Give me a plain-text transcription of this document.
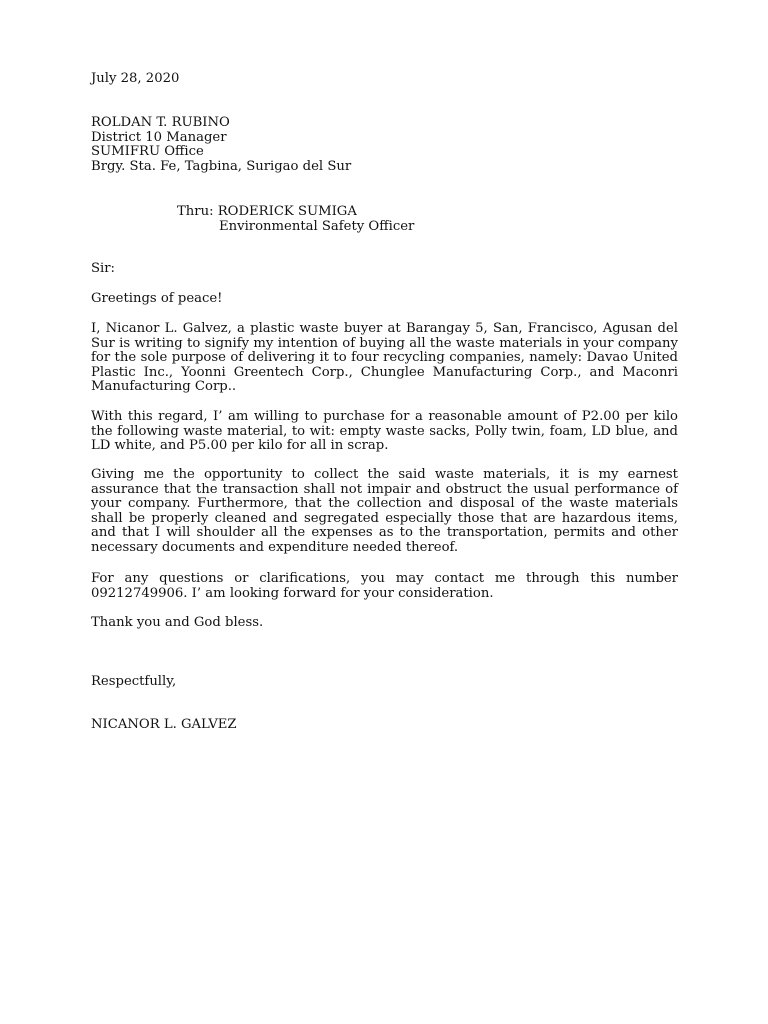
July 28, 2020

ROLDAN T. RUBINO
District 10 Manager
SUMIFRU Office
Brgy. Sta. Fe, Tagbina, Surigao del Sur

Thru: RODERICK SUMIGA
Environmental Safety Officer

Sir:

Greetings of peace!

I, Nicanor L. Galvez, a plastic waste buyer at Barangay 5, San, Francisco, Agusan del Sur is writing to signify my intention of buying all the waste materials in your company for the sole purpose of delivering it to four recycling companies, namely: Davao United Plastic Inc., Yoonni Greentech Corp., Chunglee Manufacturing Corp., and Maconri Manufacturing Corp..

With this regard, I’ am willing to purchase for a reasonable amount of P2.00 per kilo the following waste material, to wit: empty waste sacks, Polly twin, foam, LD blue, and LD white, and P5.00 per kilo for all in scrap.

Giving me the opportunity to collect the said waste materials, it is my earnest assurance that the transaction shall not impair and obstruct the usual performance of your company. Furthermore, that the collection and disposal of the waste materials shall be properly cleaned and segregated especially those that are hazardous items, and that I will shoulder all the expenses as to the transportation, permits and other necessary documents and expenditure needed thereof.

For any questions or clarifications, you may contact me through this number 09212749906. I’ am looking forward for your consideration.

Thank you and God bless.

Respectfully,

NICANOR L. GALVEZ
